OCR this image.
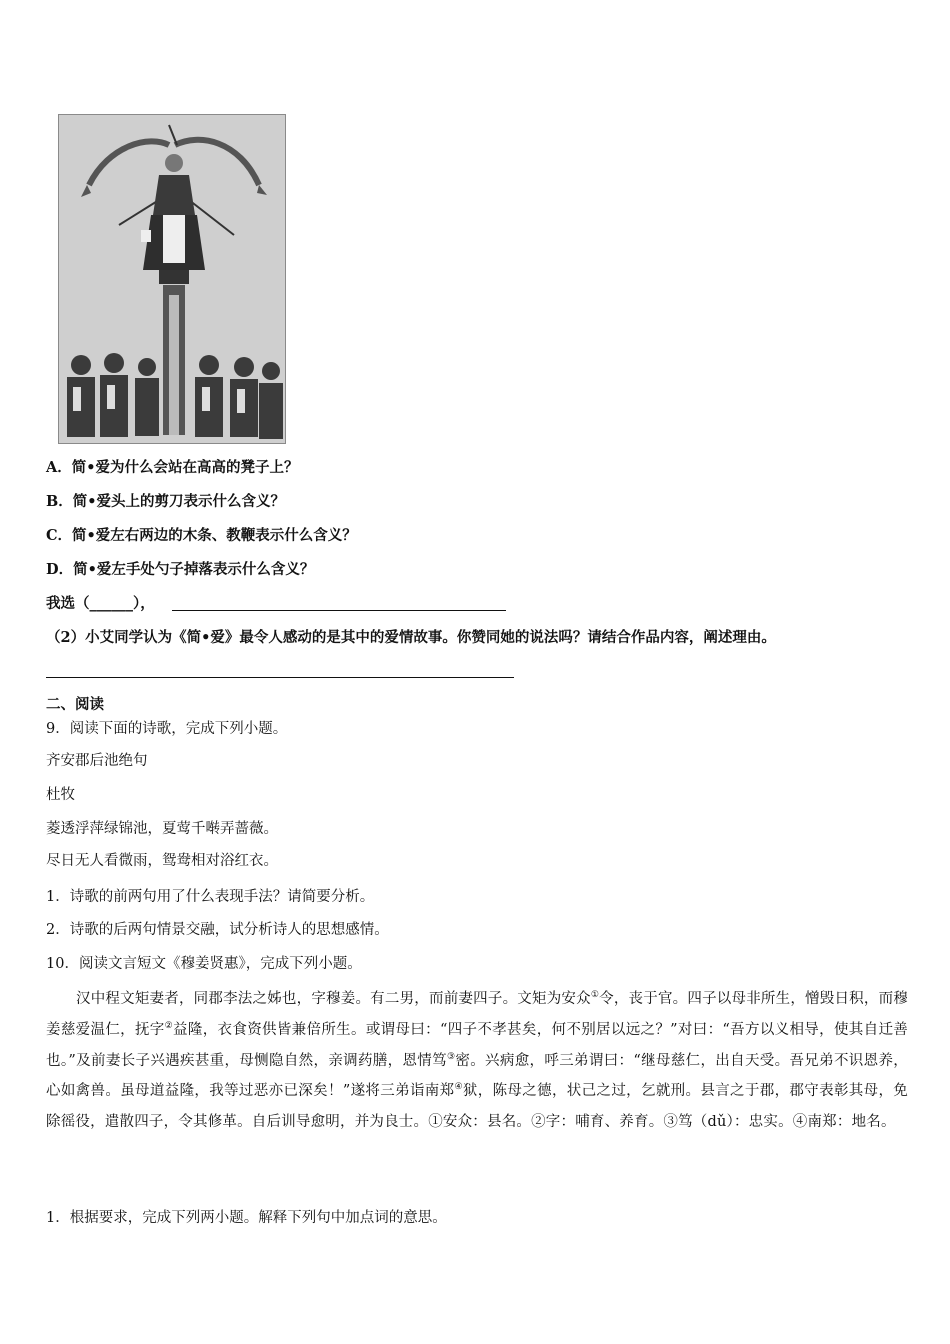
A．简•爱为什么会站在高高的凳子上？
B．简•爱头上的剪刀表示什么含义？
C．简•爱左右两边的木条、教鞭表示什么含义？
D．简•爱左手处勺子掉落表示什么含义？
我选（______），
（2）小艾同学认为《简•爱》最令人感动的是其中的爱情故事。你赞同她的说法吗？请结合作品内容，阐述理由。
二、阅读
9．阅读下面的诗歌，完成下列小题。
齐安郡后池绝句
杜牧
菱透浮萍绿锦池，夏莺千啭弄蔷薇。
尽日无人看微雨，鸳鸯相对浴红衣。
1．诗歌的前两句用了什么表现手法？请简要分析。
2．诗歌的后两句情景交融，试分析诗人的思想感情。
10．阅读文言短文《穆姜贤惠》，完成下列小题。
汉中程文矩妻者，同郡李法之姊也，字穆姜。有二男，而前妻四子。文矩为安众①令，丧于官。四子以母非所生，憎毁日积，而穆姜慈爱温仁，抚字②益隆，衣食资供皆兼倍所生。或谓母曰：“四子不孝甚矣，何不别居以远之？”对曰：“吾方以义相导，使其自迁善也。”及前妻长子兴遇疾甚重，母恻隐自然，亲调药膳，恩情笃③密。兴病愈，呼三弟谓曰：“继母慈仁，出自天受。吾兄弟不识恩养，心如禽兽。虽母道益隆，我等过恶亦已深矣！”遂将三弟诣南郑④狱，陈母之德，状己之过，乞就刑。县言之于郡，郡守表彰其母，免除徭役，遣散四子，令其修革。自后训导愈明，并为良士。①安众：县名。②字：哺育、养育。③笃（dǔ）：忠实。④南郑：地名。
1．根据要求，完成下列两小题。解释下列句中加点词的意思。
